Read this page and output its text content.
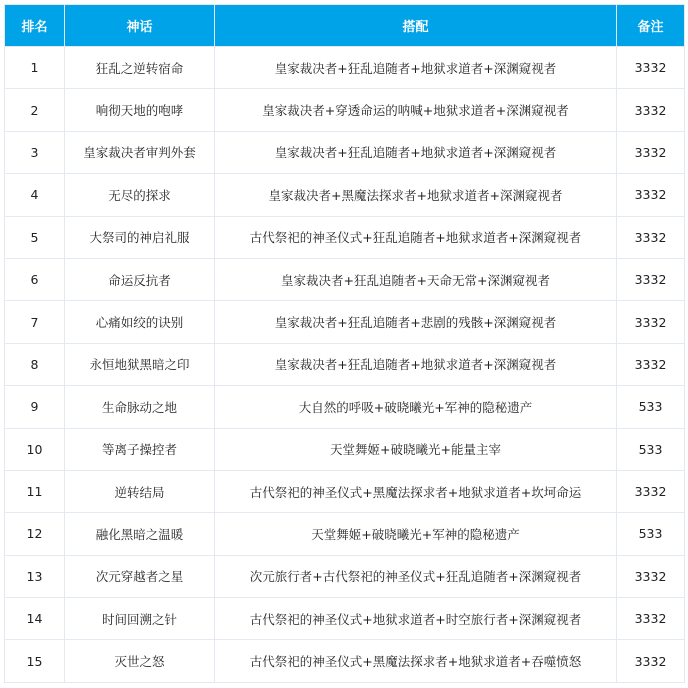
排名	神话	搭配	备注
1	狂乱之逆转宿命	皇家裁决者+狂乱追随者+地狱求道者+深渊窥视者	3332
2	响彻天地的咆哮	皇家裁决者+穿透命运的呐喊+地狱求道者+深渊窥视者	3332
3	皇家裁决者审判外套	皇家裁决者+狂乱追随者+地狱求道者+深渊窥视者	3332
4	无尽的探求	皇家裁决者+黑魔法探求者+地狱求道者+深渊窥视者	3332
5	大祭司的神启礼服	古代祭祀的神圣仪式+狂乱追随者+地狱求道者+深渊窥视者	3332
6	命运反抗者	皇家裁决者+狂乱追随者+天命无常+深渊窥视者	3332
7	心痛如绞的诀别	皇家裁决者+狂乱追随者+悲剧的残骸+深渊窥视者	3332
8	永恒地狱黑暗之印	皇家裁决者+狂乱追随者+地狱求道者+深渊窥视者	3332
9	生命脉动之地	大自然的呼吸+破晓曦光+军神的隐秘遗产	533
10	等离子操控者	天堂舞姬+破晓曦光+能量主宰	533
11	逆转结局	古代祭祀的神圣仪式+黑魔法探求者+地狱求道者+坎坷命运	3332
12	融化黑暗之温暖	天堂舞姬+破晓曦光+军神的隐秘遗产	533
13	次元穿越者之星	次元旅行者+古代祭祀的神圣仪式+狂乱追随者+深渊窥视者	3332
14	时间回溯之针	古代祭祀的神圣仪式+地狱求道者+时空旅行者+深渊窥视者	3332
15	灭世之怒	古代祭祀的神圣仪式+黑魔法探求者+地狱求道者+吞噬愤怒	3332
